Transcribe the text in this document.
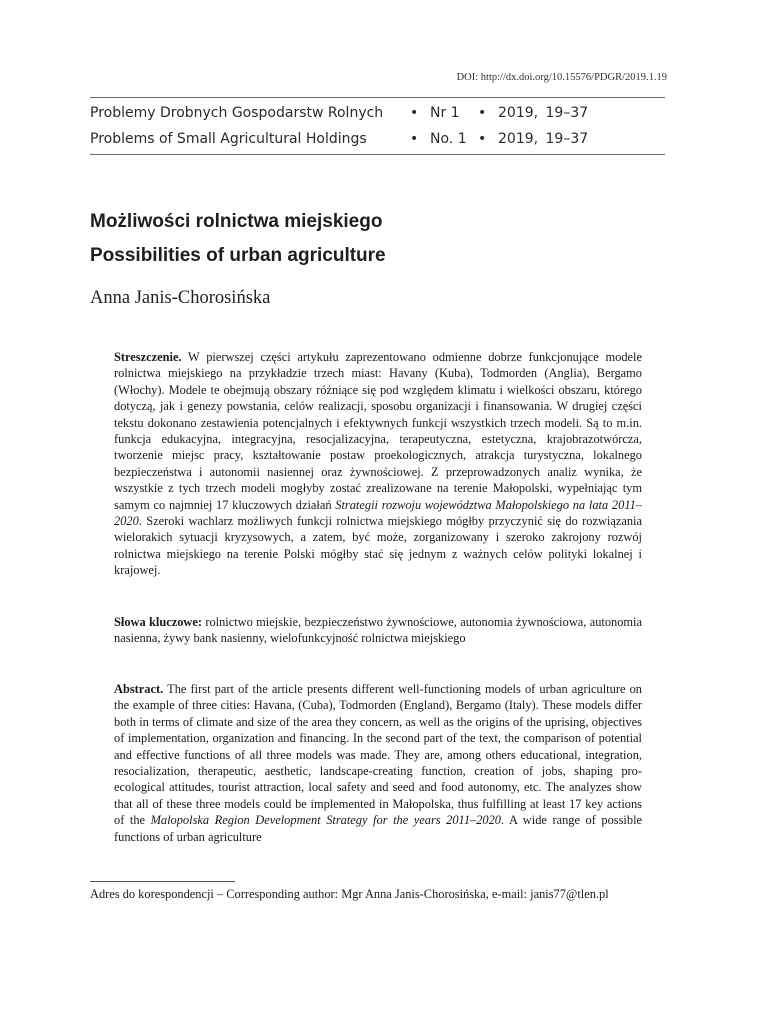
DOI: http://dx.doi.org/10.15576/PDGR/2019.1.19
Problemy Drobnych Gospodarstw Rolnych • Nr 1 • 2019, 19–37
Problems of Small Agricultural Holdings	• No. 1 • 2019, 19–37
Możliwości rolnictwa miejskiego
Possibilities of urban agriculture
Anna Janis-Chorosińska
Streszczenie. W pierwszej części artykułu zaprezentowano odmienne dobrze funkcjonujące modele rolnictwa miejskiego na przykładzie trzech miast: Havany (Kuba), Todmorden (Anglia), Bergamo (Włochy). Modele te obejmują obszary różniące się pod względem klimatu i wielkości obszaru, którego dotyczą, jak i genezy powstania, celów realizacji, sposobu organizacji i finansowania. W drugiej części tekstu dokonano zestawienia potencjalnych i efektywnych funkcji wszystkich trzech modeli. Są to m.in. funkcja edukacyjna, integracyjna, resocjalizacyjna, terapeutyczna, estetyczna, krajobrazotwórcza, tworzenie miejsc pracy, kształtowanie postaw proekologicznych, atrakcja turystyczna, lokalnego bezpieczeństwa i autonomii nasiennej oraz żywnościowej. Z przeprowadzonych analiz wynika, że wszystkie z tych trzech modeli mogłyby zostać zrealizowane na terenie Małopolski, wypełniając tym samym co najmniej 17 kluczowych działań Strategii rozwoju województwa Małopolskiego na lata 2011–2020. Szeroki wachlarz możliwych funkcji rolnictwa miejskiego mógłby przyczynić się do rozwiązania wielorakich sytuacji kryzysowych, a zatem, być może, zorganizowany i szeroko zakrojony rozwój rolnictwa miejskiego na terenie Polski mógłby stać się jednym z ważnych celów polityki lokalnej i krajowej.
Słowa kluczowe: rolnictwo miejskie, bezpieczeństwo żywnościowe, autonomia żywnościowa, autonomia nasienna, żywy bank nasienny, wielofunkcyjność rolnictwa miejskiego
Abstract. The first part of the article presents different well-functioning models of urban agriculture on the example of three cities: Havana, (Cuba), Todmorden (England), Bergamo (Italy). These models differ both in terms of climate and size of the area they concern, as well as the origins of the uprising, objectives of implementation, organization and financing. In the second part of the text, the comparison of potential and effective functions of all three models was made. They are, among others educational, integration, resocialization, therapeutic, aesthetic, landscape-creating function, creation of jobs, shaping pro-ecological attitudes, tourist attraction, local safety and seed and food autonomy, etc. The analyzes show that all of these three models could be implemented in Małopolska, thus fulfilling at least 17 key actions of the Malopolska Region Development Strategy for the years 2011–2020. A wide range of possible functions of urban agriculture
Adres do korespondencji – Corresponding author: Mgr Anna Janis-Chorosińska, e-mail: janis77@tlen.pl
